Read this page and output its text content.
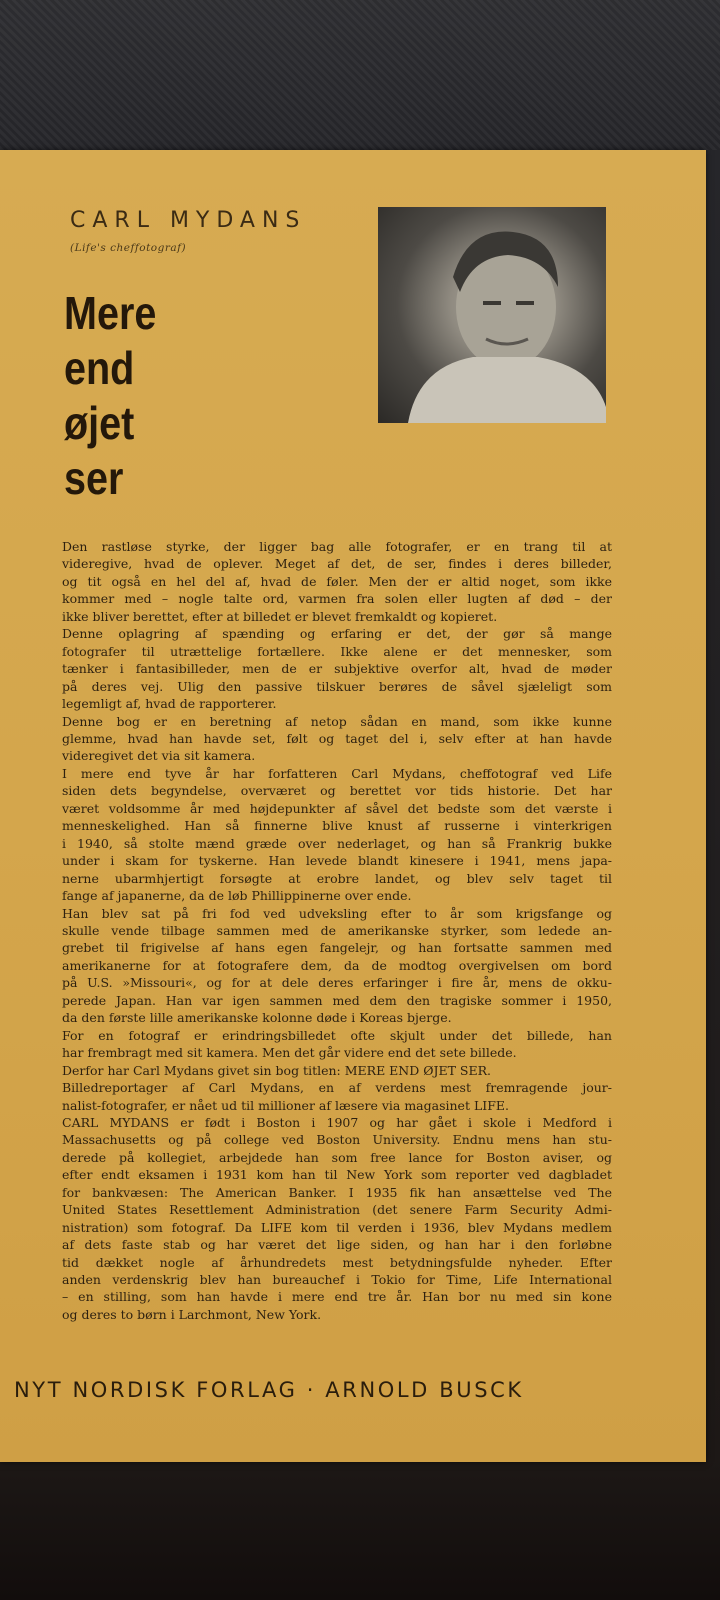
CARL MYDANS
(Life's cheffotograf)
Mere
end
øjet
ser
Den rastløse styrke, der ligger bag alle fotografer, er en trang til at
videregive, hvad de oplever. Meget af det, de ser, findes i deres billeder,
og tit også en hel del af, hvad de føler. Men der er altid noget, som ikke
kommer med – nogle talte ord, varmen fra solen eller lugten af død – der
ikke bliver berettet, efter at billedet er blevet fremkaldt og kopieret.
Denne oplagring af spænding og erfaring er det, der gør så mange
fotografer til utrættelige fortællere. Ikke alene er det mennesker, som
tænker i fantasibilleder, men de er subjektive overfor alt, hvad de møder
på deres vej. Ulig den passive tilskuer berøres de såvel sjæleligt som
legemligt af, hvad de rapporterer.
Denne bog er en beretning af netop sådan en mand, som ikke kunne
glemme, hvad han havde set, følt og taget del i, selv efter at han havde
videregivet det via sit kamera.
I mere end tyve år har forfatteren Carl Mydans, cheffotograf ved Life
siden dets begyndelse, overværet og berettet vor tids historie. Det har
været voldsomme år med højdepunkter af såvel det bedste som det værste i
menneskelighed. Han så finnerne blive knust af russerne i vinterkrigen
i 1940, så stolte mænd græde over nederlaget, og han så Frankrig bukke
under i skam for tyskerne. Han levede blandt kinesere i 1941, mens japa-
nerne ubarmhjertigt forsøgte at erobre landet, og blev selv taget til
fange af japanerne, da de løb Phillippinerne over ende.
Han blev sat på fri fod ved udveksling efter to år som krigsfange og
skulle vende tilbage sammen med de amerikanske styrker, som ledede an-
grebet til frigivelse af hans egen fangelejr, og han fortsatte sammen med
amerikanerne for at fotografere dem, da de modtog overgivelsen om bord
på U.S. »Missouri«, og for at dele deres erfaringer i fire år, mens de okku-
perede Japan. Han var igen sammen med dem den tragiske sommer i 1950,
da den første lille amerikanske kolonne døde i Koreas bjerge.
For en fotograf er erindringsbilledet ofte skjult under det billede, han
har frembragt med sit kamera. Men det går videre end det sete billede.
Derfor har Carl Mydans givet sin bog titlen: MERE END ØJET SER.
Billedreportager af Carl Mydans, en af verdens mest fremragende jour-
nalist-fotografer, er nået ud til millioner af læsere via magasinet LIFE.
CARL MYDANS er født i Boston i 1907 og har gået i skole i Medford i
Massachusetts og på college ved Boston University. Endnu mens han stu-
derede på kollegiet, arbejdede han som free lance for Boston aviser, og
efter endt eksamen i 1931 kom han til New York som reporter ved dagbladet
for bankvæsen: The American Banker. I 1935 fik han ansættelse ved The
United States Resettlement Administration (det senere Farm Security Admi-
nistration) som fotograf. Da LIFE kom til verden i 1936, blev Mydans medlem
af dets faste stab og har været det lige siden, og han har i den forløbne
tid dækket nogle af århundredets mest betydningsfulde nyheder. Efter
anden verdenskrig blev han bureauchef i Tokio for Time, Life International
– en stilling, som han havde i mere end tre år. Han bor nu med sin kone
og deres to børn i Larchmont, New York.
NYT NORDISK FORLAG · ARNOLD BUSCK
